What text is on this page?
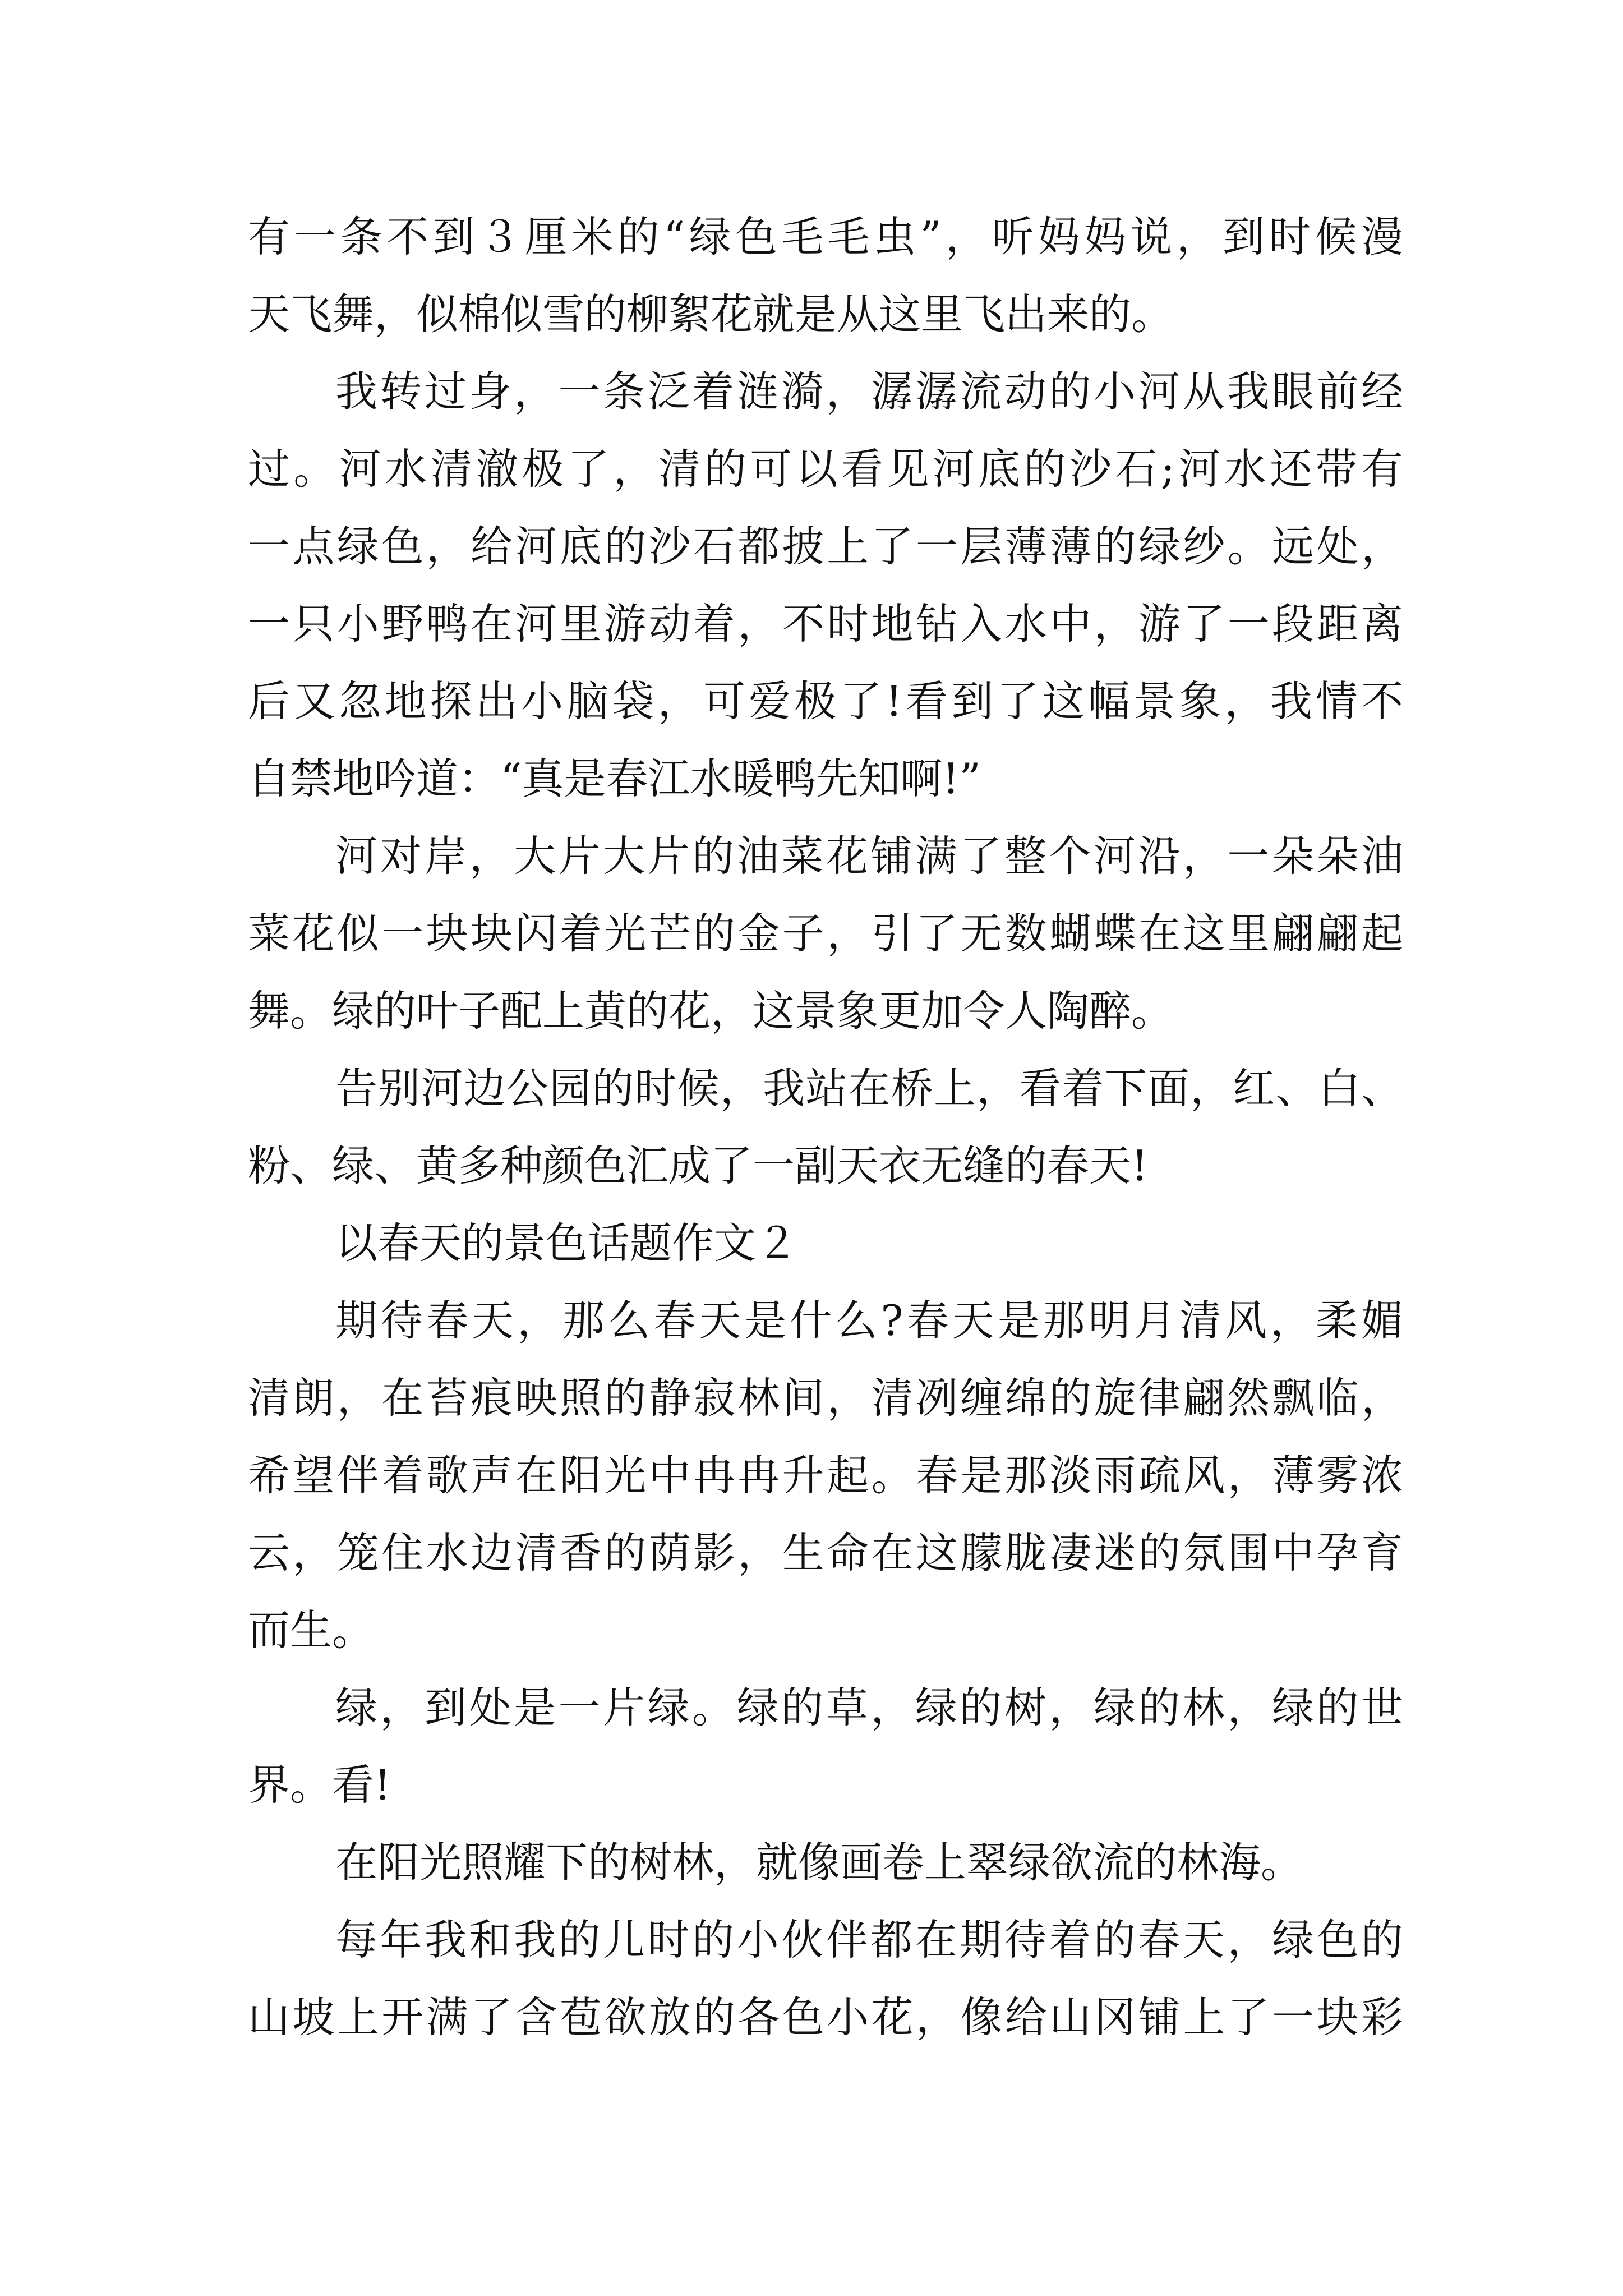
有一条不到３厘米的“绿色毛毛虫”，听妈妈说，到时候漫
天飞舞，似棉似雪的柳絮花就是从这里飞出来的。
我转过身，一条泛着涟漪，潺潺流动的小河从我眼前经
过。河水清澈极了，清的可以看见河底的沙石;河水还带有
一点绿色，给河底的沙石都披上了一层薄薄的绿纱。远处，
一只小野鸭在河里游动着，不时地钻入水中，游了一段距离
后又忽地探出小脑袋，可爱极了!看到了这幅景象，我情不
自禁地吟道：“真是春江水暖鸭先知啊!”
河对岸，大片大片的油菜花铺满了整个河沿，一朵朵油
菜花似一块块闪着光芒的金子，引了无数蝴蝶在这里翩翩起
舞。绿的叶子配上黄的花，这景象更加令人陶醉。
告别河边公园的时候，我站在桥上，看着下面，红、白、
粉、绿、黄多种颜色汇成了一副天衣无缝的春天!
以春天的景色话题作文２
期待春天，那么春天是什么?春天是那明月清风，柔媚
清朗，在苔痕映照的静寂林间，清冽缠绵的旋律翩然飘临，
希望伴着歌声在阳光中冉冉升起。春是那淡雨疏风，薄雾浓
云，笼住水边清香的荫影，生命在这朦胧凄迷的氛围中孕育
而生。
绿，到处是一片绿。绿的草，绿的树，绿的林，绿的世
界。看!
在阳光照耀下的树林，就像画卷上翠绿欲流的林海。
每年我和我的儿时的小伙伴都在期待着的春天，绿色的
山坡上开满了含苞欲放的各色小花，像给山冈铺上了一块彩
